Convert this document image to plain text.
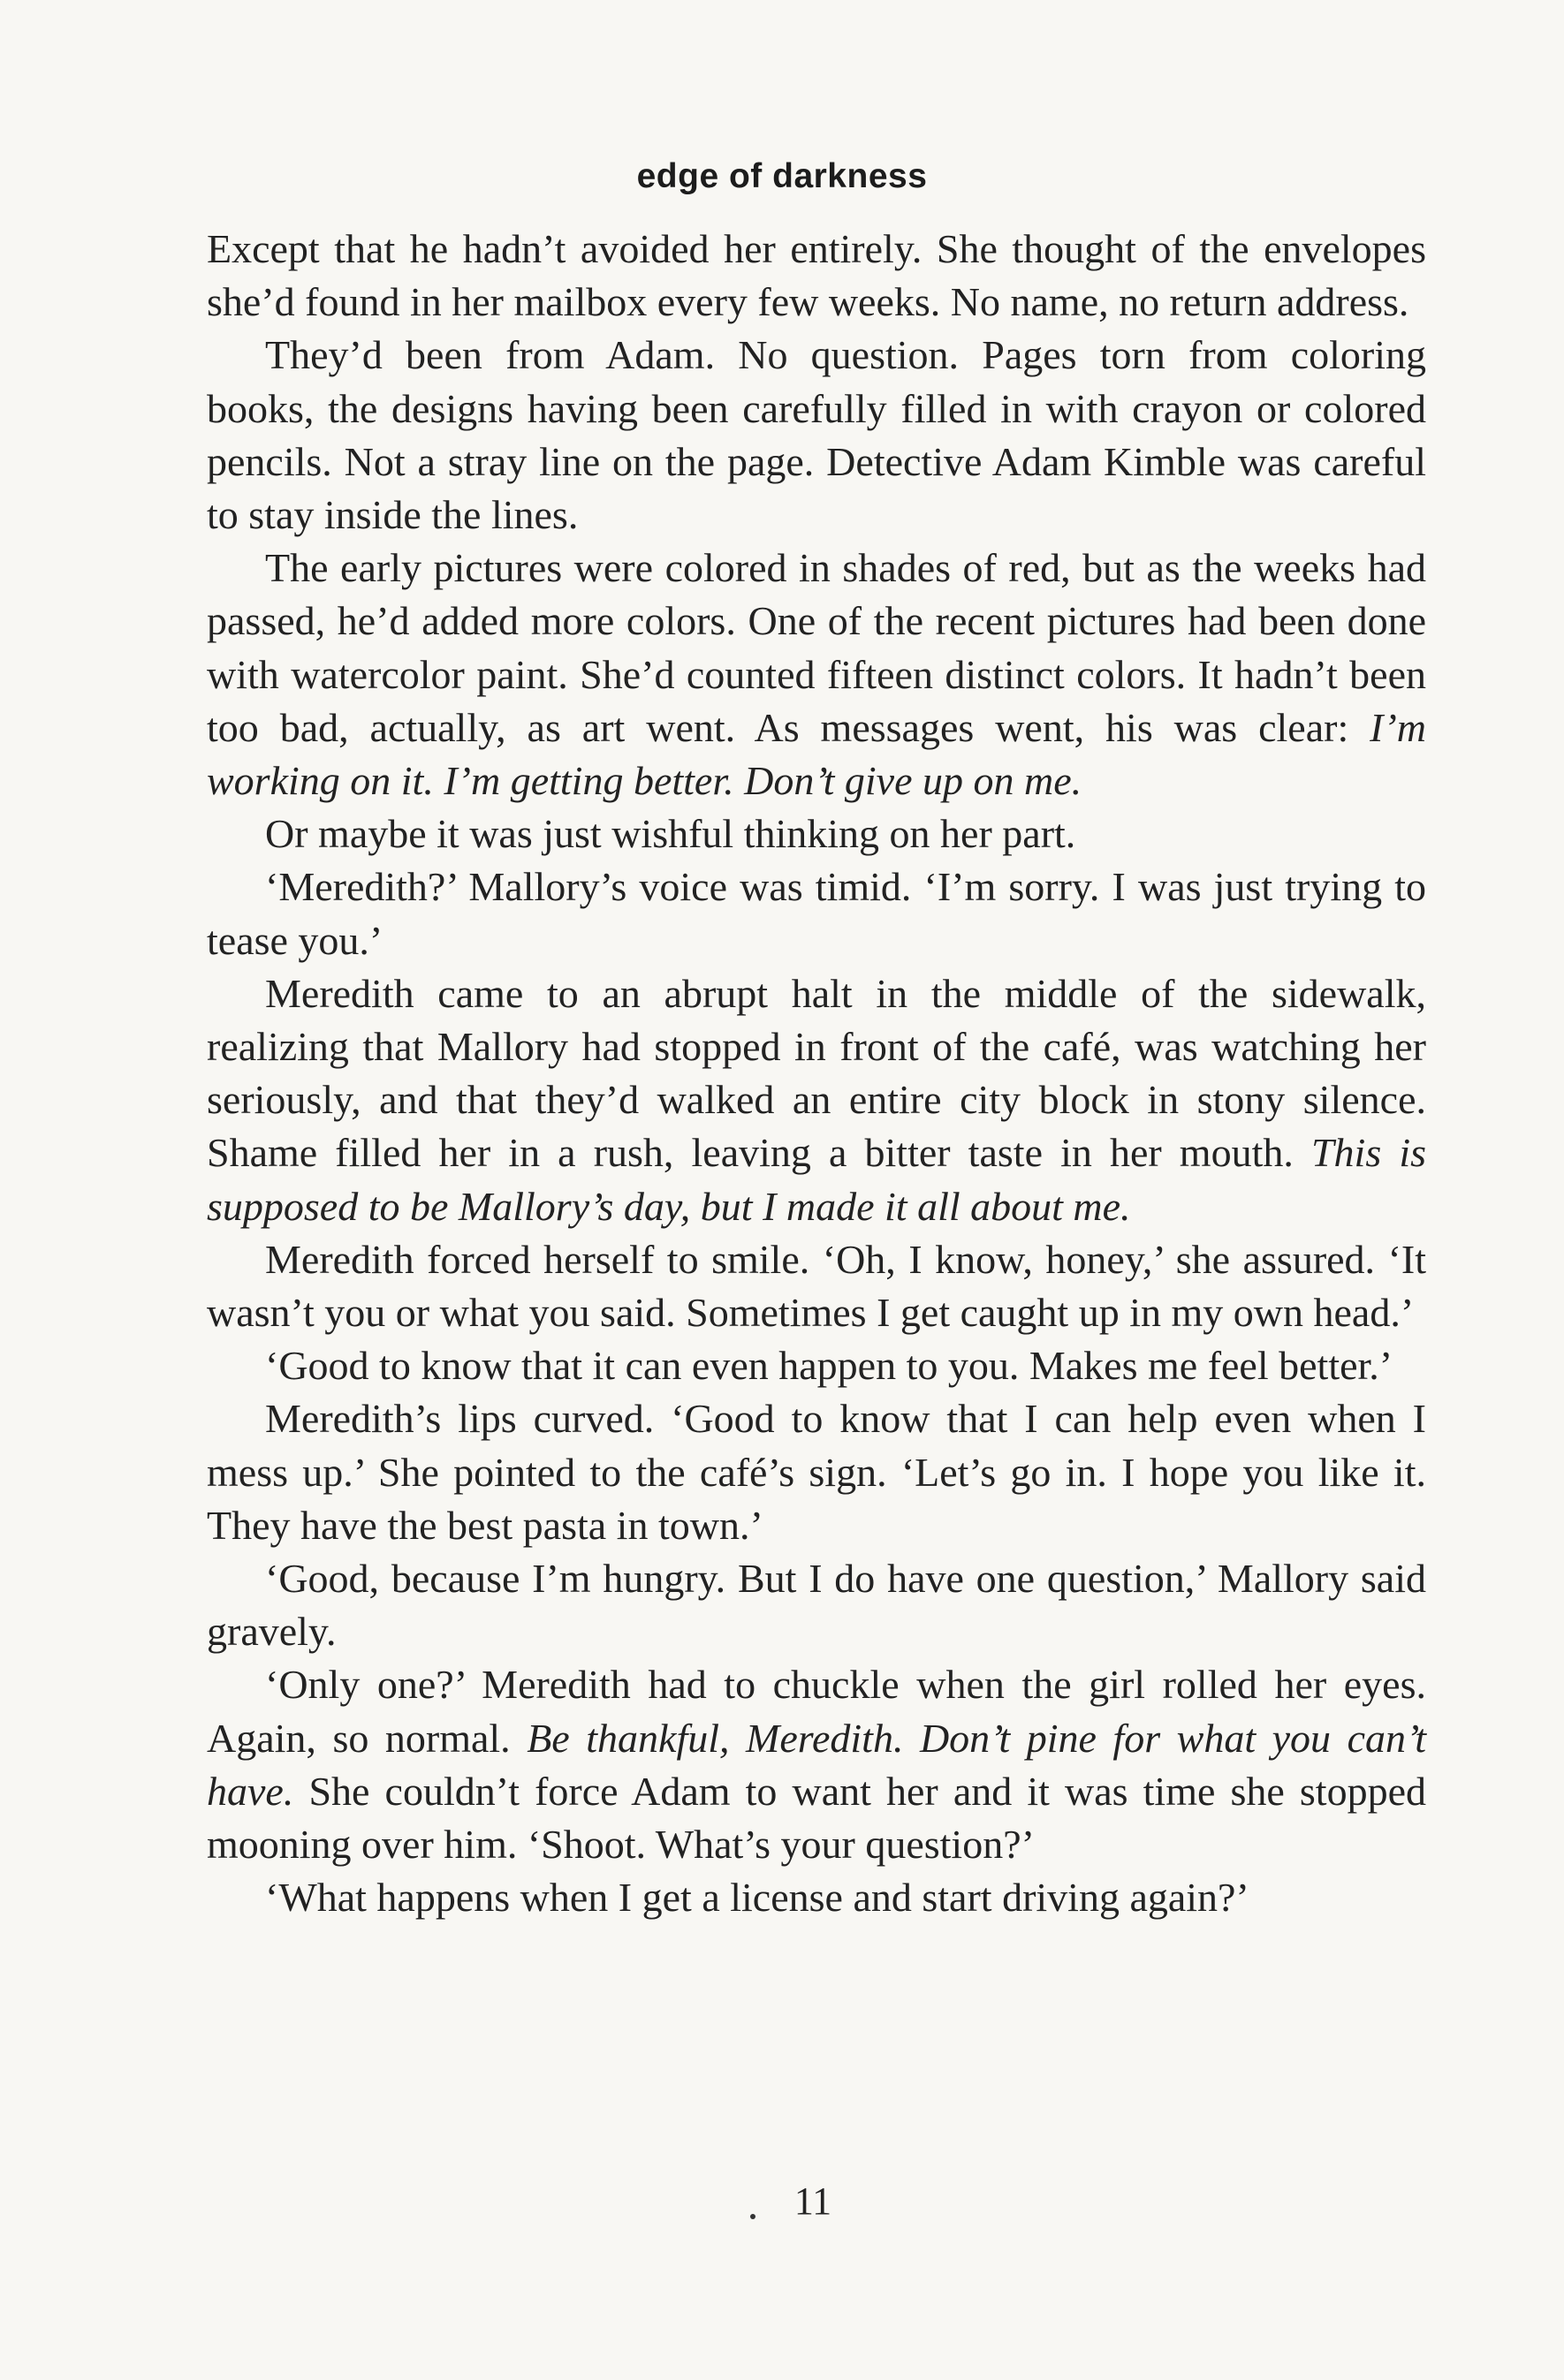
edge of darkness

Except that he hadn’t avoided her entirely. She thought of the envelopes she’d found in her mailbox every few weeks. No name, no return address.

They’d been from Adam. No question. Pages torn from coloring books, the designs having been carefully filled in with crayon or colored pencils. Not a stray line on the page. Detective Adam Kimble was careful to stay inside the lines.

The early pictures were colored in shades of red, but as the weeks had passed, he’d added more colors. One of the recent pictures had been done with watercolor paint. She’d counted fifteen distinct colors. It hadn’t been too bad, actually, as art went. As messages went, his was clear: I’m working on it. I’m getting better. Don’t give up on me.

Or maybe it was just wishful thinking on her part.

‘Meredith?’ Mallory’s voice was timid. ‘I’m sorry. I was just trying to tease you.’

Meredith came to an abrupt halt in the middle of the sidewalk, realizing that Mallory had stopped in front of the café, was watching her seriously, and that they’d walked an entire city block in stony silence. Shame filled her in a rush, leaving a bitter taste in her mouth. This is supposed to be Mallory’s day, but I made it all about me.

Meredith forced herself to smile. ‘Oh, I know, honey,’ she assured. ‘It wasn’t you or what you said. Sometimes I get caught up in my own head.’

‘Good to know that it can even happen to you. Makes me feel better.’

Meredith’s lips curved. ‘Good to know that I can help even when I mess up.’ She pointed to the café’s sign. ‘Let’s go in. I hope you like it. They have the best pasta in town.’

‘Good, because I’m hungry. But I do have one question,’ Mallory said gravely.

‘Only one?’ Meredith had to chuckle when the girl rolled her eyes. Again, so normal. Be thankful, Meredith. Don’t pine for what you can’t have. She couldn’t force Adam to want her and it was time she stopped mooning over him. ‘Shoot. What’s your question?’

‘What happens when I get a license and start driving again?’

11
